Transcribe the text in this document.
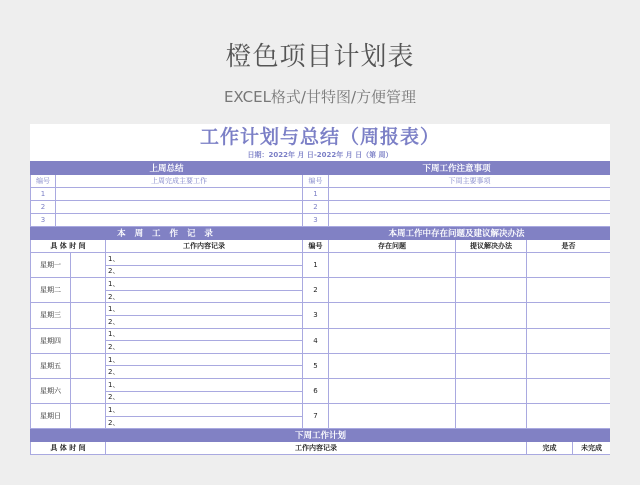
橙色项目计划表
EXCEL格式/甘特图/方便管理
工作计划与总结（周报表）
日期：2022年 月 日-2022年 月 日（第 周）
上周总结				下周工作注意事项				
编号	上周完成主要工作			编号	下周主要事项			
1				1				
2				2				
3				3				
本 周 工 作 记 录				本周工作中存在问题及建议解决办法				
具 体 时 间			工作内容记录	编号	存在问题	提议解决办法	是否	
星期一			1、	1				
			2、					
星期二			1、	2				
			2、					
星期三			1、	3				
			2、					
星期四			1、	4				
			2、					
星期五			1、	5				
			2、					
星期六			1、	6				
			2、					
星期日			1、	7				
			2、					
下周工作计划								
具 体 时 间			工作内容记录				完成	未完成
